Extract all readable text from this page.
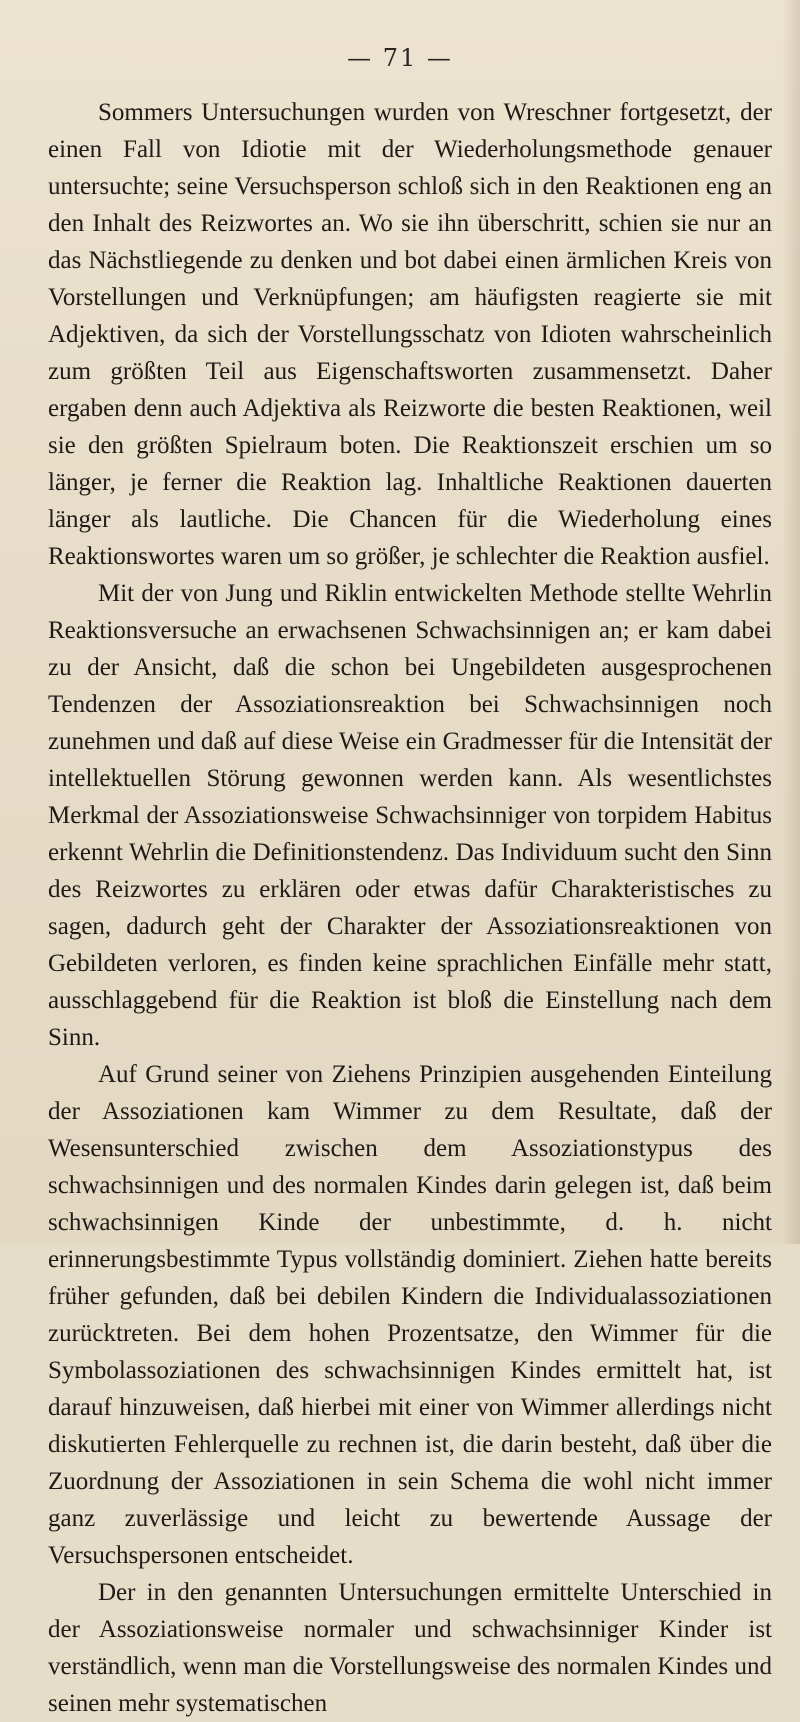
— 71 —

Sommers Untersuchungen wurden von Wreschner fortgesetzt, der einen Fall von Idiotie mit der Wiederholungsmethode genauer untersuchte; seine Versuchsperson schloß sich in den Reaktionen eng an den Inhalt des Reizwortes an. Wo sie ihn überschritt, schien sie nur an das Nächstliegende zu denken und bot dabei einen ärmlichen Kreis von Vorstellungen und Verknüpfungen; am häufigsten reagierte sie mit Adjektiven, da sich der Vorstellungsschatz von Idioten wahrscheinlich zum größten Teil aus Eigenschaftsworten zusammensetzt. Daher ergaben denn auch Adjektiva als Reizworte die besten Reaktionen, weil sie den größten Spielraum boten. Die Reaktionszeit erschien um so länger, je ferner die Reaktion lag. Inhaltliche Reaktionen dauerten länger als lautliche. Die Chancen für die Wiederholung eines Reaktionswortes waren um so größer, je schlechter die Reaktion ausfiel.

Mit der von Jung und Riklin entwickelten Methode stellte Wehrlin Reaktionsversuche an erwachsenen Schwachsinnigen an; er kam dabei zu der Ansicht, daß die schon bei Ungebildeten ausgesprochenen Tendenzen der Assoziationsreaktion bei Schwachsinnigen noch zunehmen und daß auf diese Weise ein Gradmesser für die Intensität der intellektuellen Störung gewonnen werden kann. Als wesentlichstes Merkmal der Assoziationsweise Schwachsinniger von torpidem Habitus erkennt Wehrlin die Definitionstendenz. Das Individuum sucht den Sinn des Reizwortes zu erklären oder etwas dafür Charakteristisches zu sagen, dadurch geht der Charakter der Assoziationsreaktionen von Gebildeten verloren, es finden keine sprachlichen Einfälle mehr statt, ausschlaggebend für die Reaktion ist bloß die Einstellung nach dem Sinn.

Auf Grund seiner von Ziehens Prinzipien ausgehenden Einteilung der Assoziationen kam Wimmer zu dem Resultate, daß der Wesensunterschied zwischen dem Assoziationstypus des schwachsinnigen und des normalen Kindes darin gelegen ist, daß beim schwachsinnigen Kinde der unbestimmte, d. h. nicht erinnerungsbestimmte Typus vollständig dominiert. Ziehen hatte bereits früher gefunden, daß bei debilen Kindern die Individualassoziationen zurücktreten. Bei dem hohen Prozentsatze, den Wimmer für die Symbolassoziationen des schwachsinnigen Kindes ermittelt hat, ist darauf hinzuweisen, daß hierbei mit einer von Wimmer allerdings nicht diskutierten Fehlerquelle zu rechnen ist, die darin besteht, daß über die Zuordnung der Assoziationen in sein Schema die wohl nicht immer ganz zuverlässige und leicht zu bewertende Aussage der Versuchspersonen entscheidet.

Der in den genannten Untersuchungen ermittelte Unterschied in der Assoziationsweise normaler und schwachsinniger Kinder ist verständlich, wenn man die Vorstellungsweise des normalen Kindes und seinen mehr systematischen
